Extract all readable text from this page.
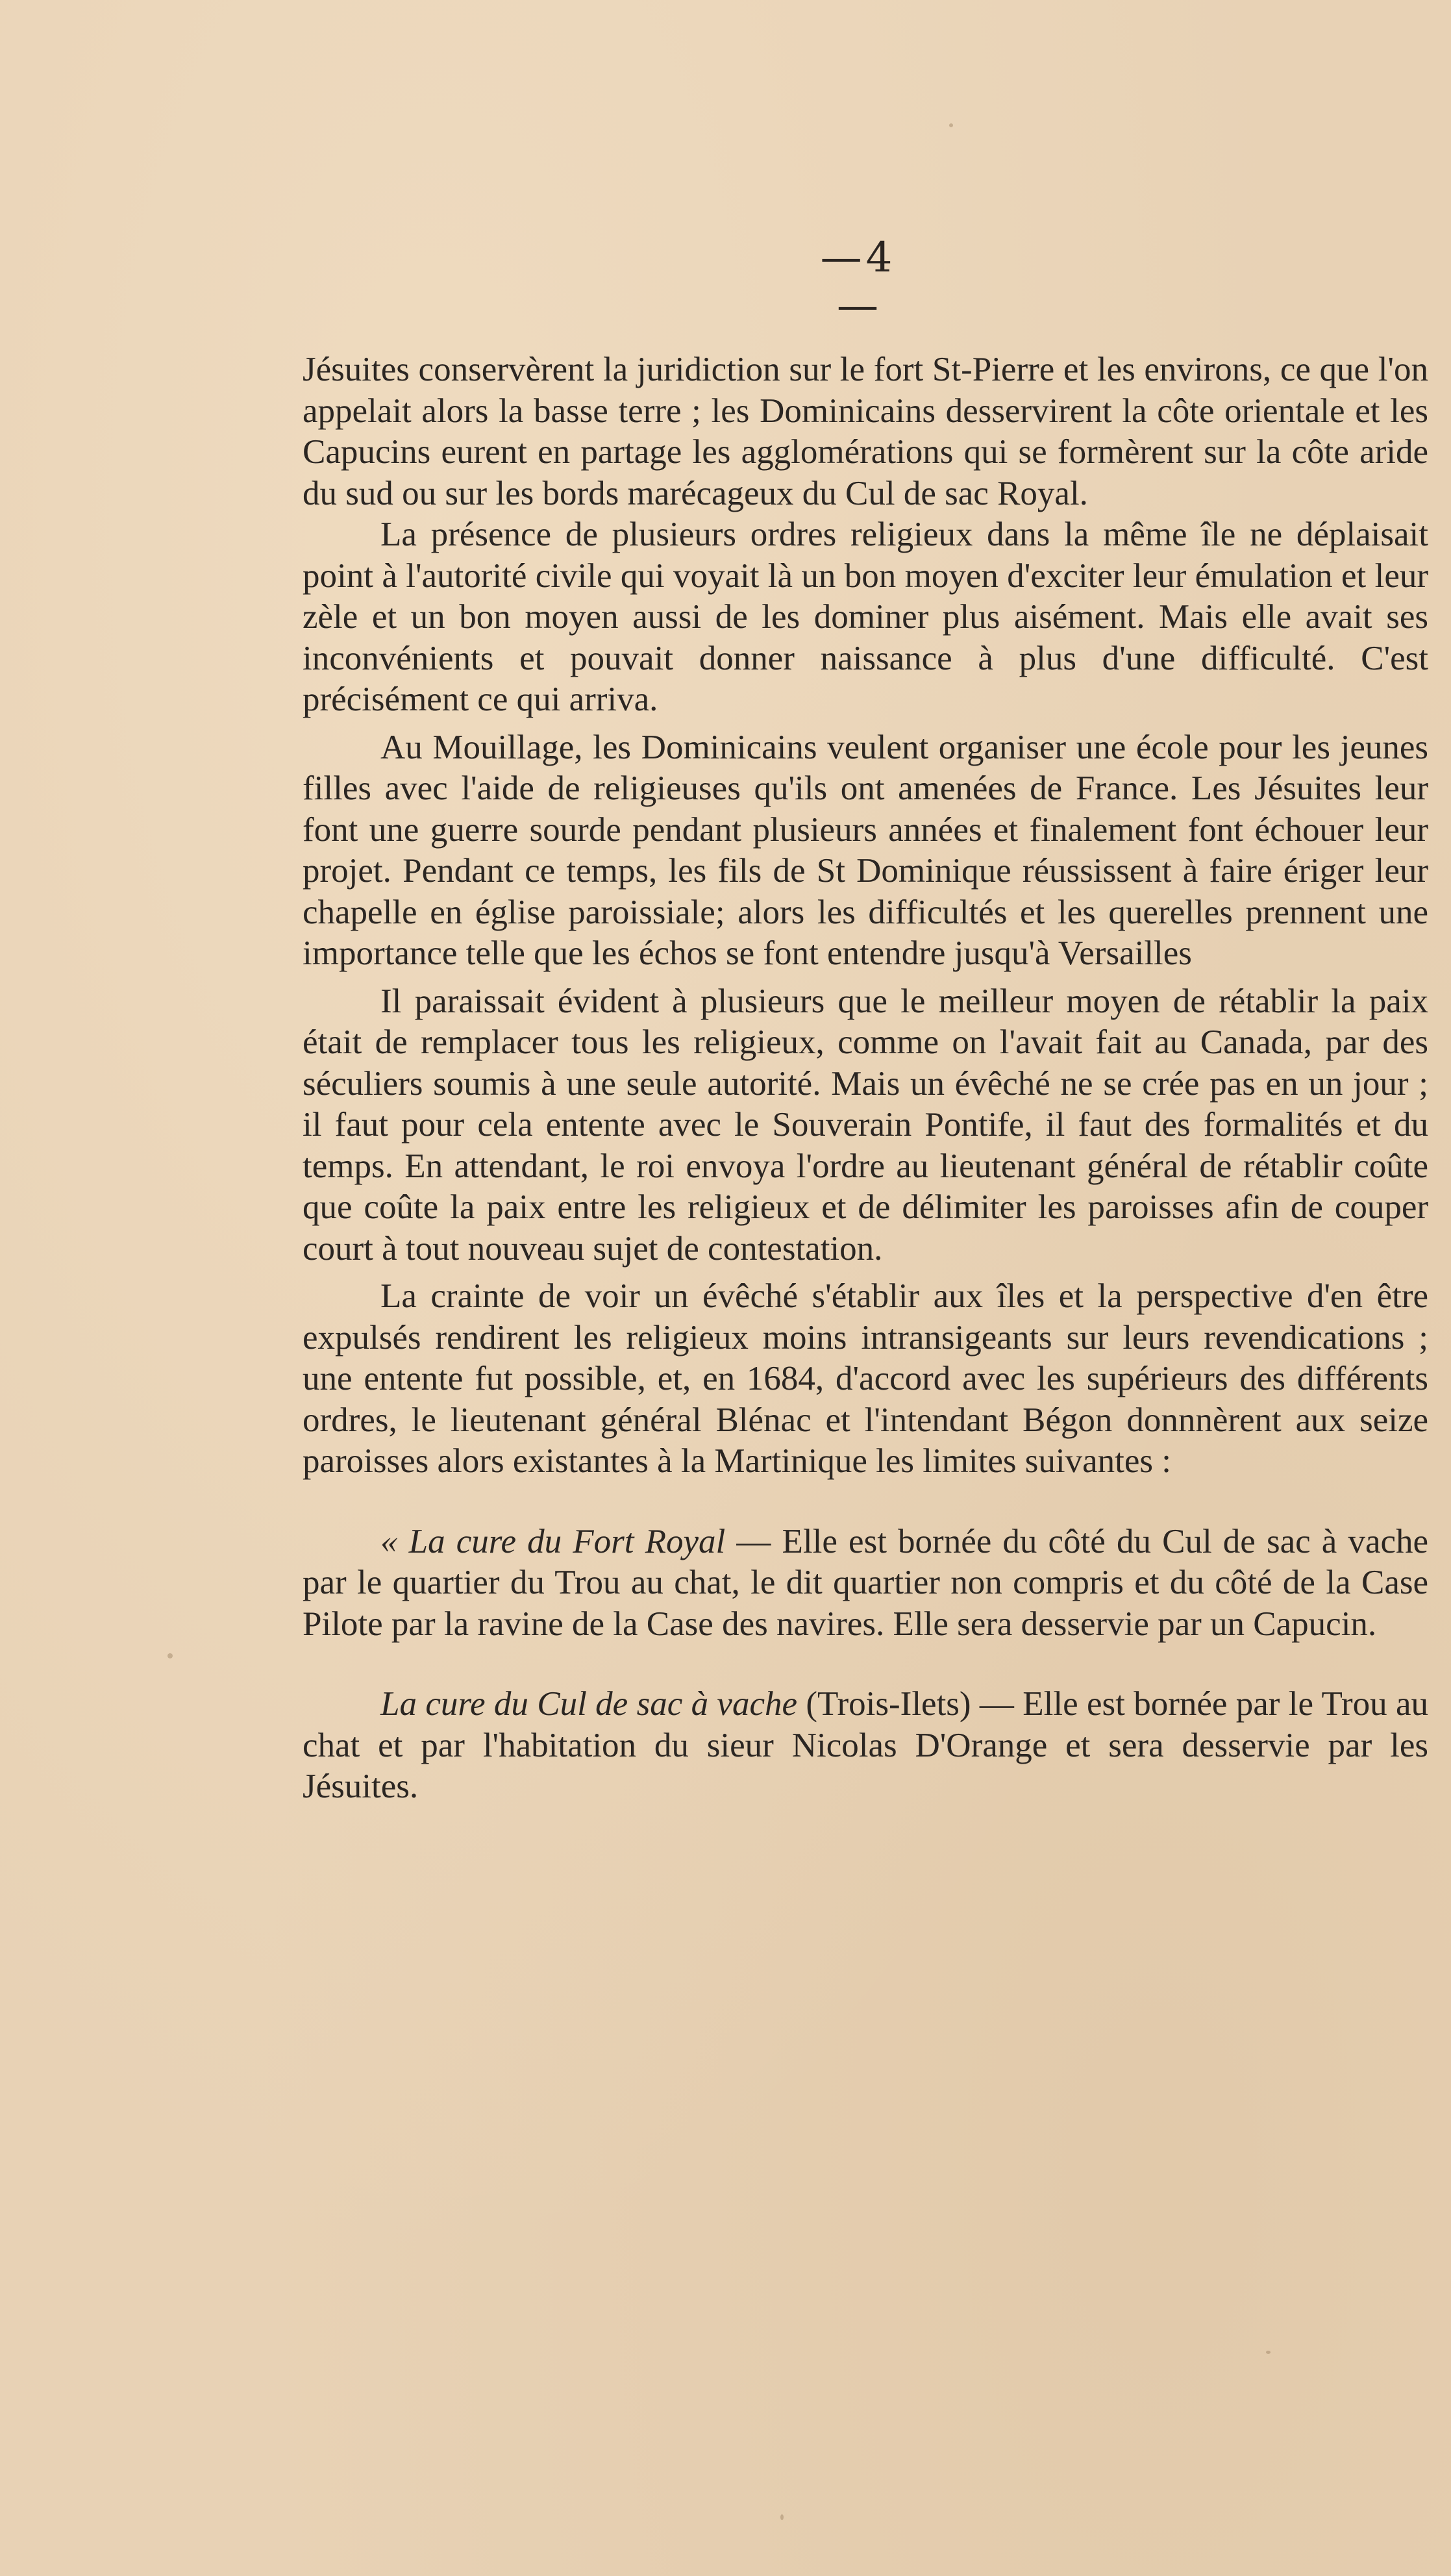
— 4 —

Jésuites conservèrent la juridiction sur le fort St-Pierre et les environs, ce que l'on appelait alors la basse terre ; les Dominicains desservirent la côte orientale et les Capucins eurent en partage les agglomérations qui se formèrent sur la côte aride du sud ou sur les bords marécageux du Cul de sac Royal.

La présence de plusieurs ordres religieux dans la même île ne déplaisait point à l'autorité civile qui voyait là un bon moyen d'exciter leur émulation et leur zèle et un bon moyen aussi de les dominer plus aisément. Mais elle avait ses inconvénients et pouvait donner naissance à plus d'une difficulté. C'est précisément ce qui arriva.

Au Mouillage, les Dominicains veulent organiser une école pour les jeunes filles avec l'aide de religieuses qu'ils ont amenées de France. Les Jésuites leur font une guerre sourde pendant plusieurs années et finalement font échouer leur projet. Pendant ce temps, les fils de St Dominique réussissent à faire ériger leur chapelle en église paroissiale; alors les difficultés et les querelles prennent une importance telle que les échos se font entendre jusqu'à Versailles

Il paraissait évident à plusieurs que le meilleur moyen de rétablir la paix était de remplacer tous les religieux, comme on l'avait fait au Canada, par des séculiers soumis à une seule autorité. Mais un évêché ne se crée pas en un jour ; il faut pour cela entente avec le Souverain Pontife, il faut des formalités et du temps. En attendant, le roi envoya l'ordre au lieutenant général de rétablir coûte que coûte la paix entre les religieux et de délimiter les paroisses afin de couper court à tout nouveau sujet de contestation.

La crainte de voir un évêché s'établir aux îles et la perspective d'en être expulsés rendirent les religieux moins intransigeants sur leurs revendications ; une entente fut possible, et, en 1684, d'accord avec les supérieurs des différents ordres, le lieutenant général Blénac et l'intendant Bégon donnnèrent aux seize paroisses alors existantes à la Martinique les limites suivantes :

« La cure du Fort Royal — Elle est bornée du côté du Cul de sac à vache par le quartier du Trou au chat, le dit quartier non compris et du côté de la Case Pilote par la ravine de la Case des navires. Elle sera desservie par un Capucin.

La cure du Cul de sac à vache (Trois-Ilets) — Elle est bornée par le Trou au chat et par l'habitation du sieur Nicolas D'Orange et sera desservie par les Jésuites.
